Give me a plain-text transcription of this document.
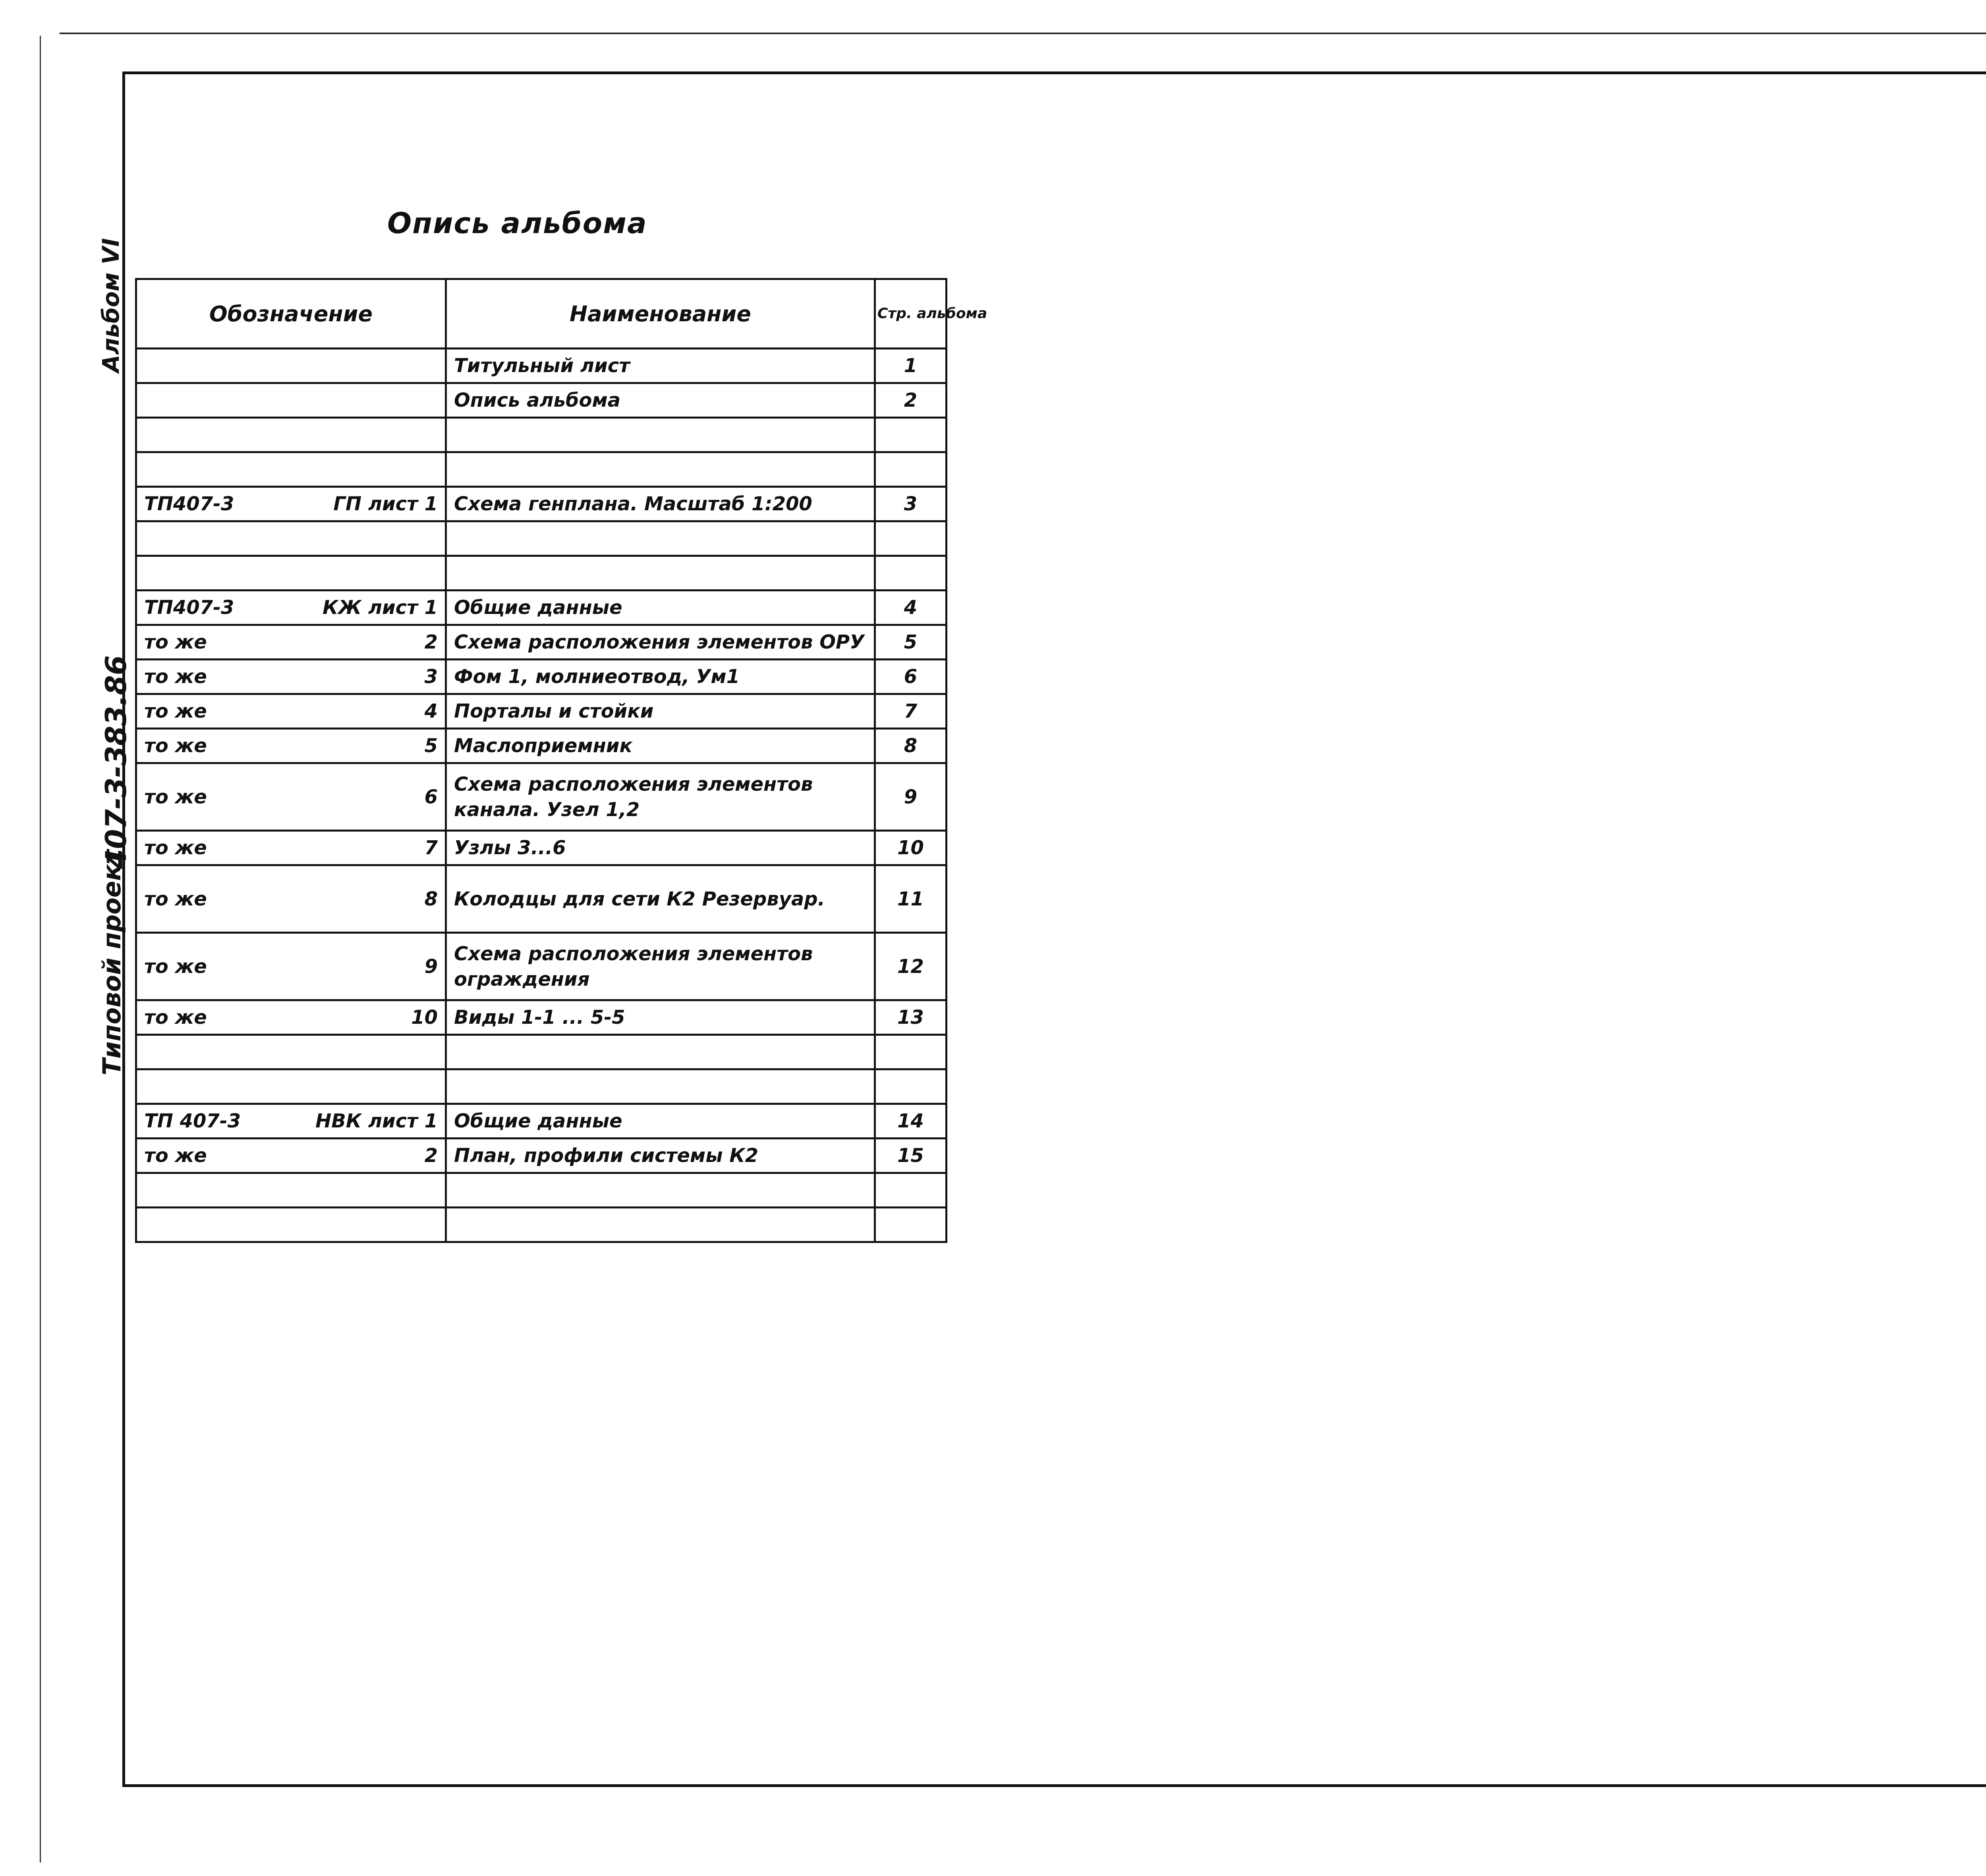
Альбом VI
Типовой проект
407-3-383.86
Опись альбома
Обозначение	Наименование	Стр. альбома

	Титульный лист	1

	Опись альбома	2

ТП407-3 ГП лист 1	Схема генплана. Масштаб 1:200	3

ТП407-3 КЖ лист 1	Общие данные	4

то же 2	Схема расположения элементов ОРУ	5

то же 3	Фом 1, молниеотвод, Ум1	6

то же 4	Порталы и стойки	7

то же 5	Маслоприемник	8

то же 6	Схема расположения элементов канала. Узел 1,2	9

то же 7	Узлы 3...6	10

то же 8	Колодцы для сети К2 Резервуар.	11

то же 9	Схема расположения элементов ограждения	12

то же 10	Виды 1-1 ... 5-5	13

ТП 407-3 НВК лист 1	Общие данные	14

то же 2	План, профили системы К2	15
